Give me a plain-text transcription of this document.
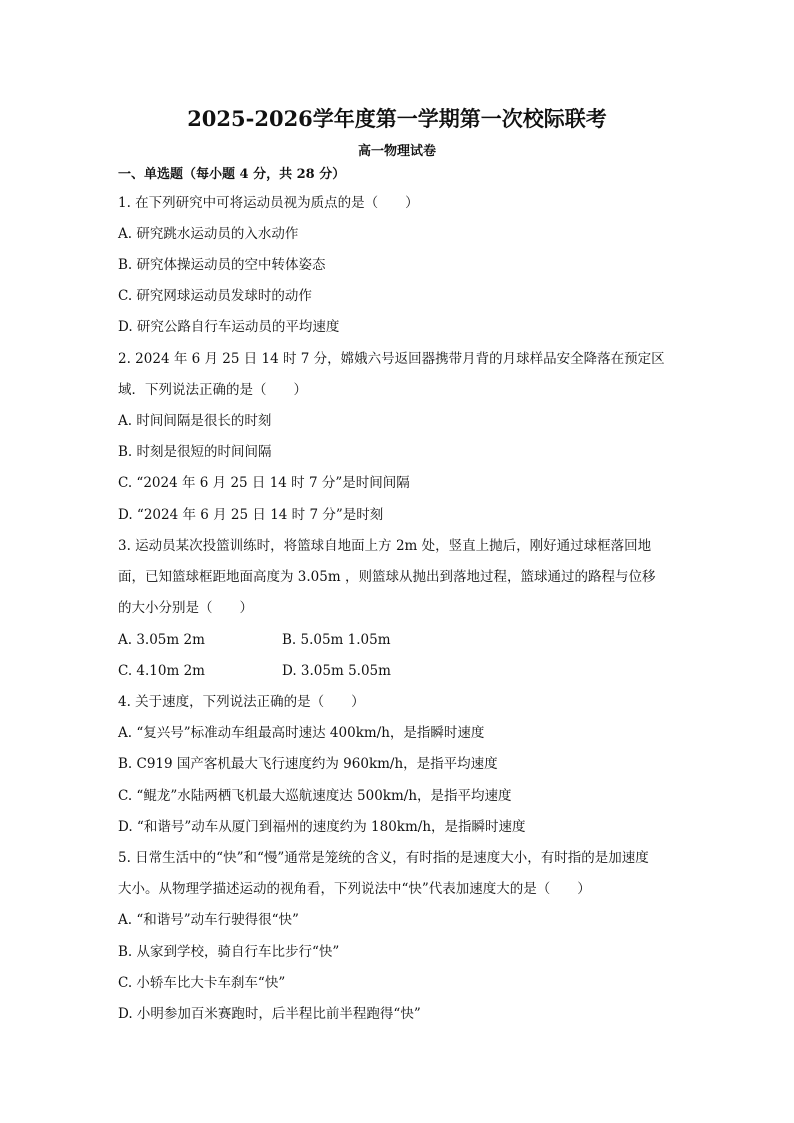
2025-2026学年度第一学期第一次校际联考
高一物理试卷
一、单选题（每小题 4 分，共 28 分）
1. 在下列研究中可将运动员视为质点的是（　　）
A. 研究跳水运动员的入水动作
B. 研究体操运动员的空中转体姿态
C. 研究网球运动员发球时的动作
D. 研究公路自行车运动员的平均速度
2. 2024 年 6 月 25 日 14 时 7 分，嫦娥六号返回器携带月背的月球样品安全降落在预定区
域．下列说法正确的是（　　）
A. 时间间隔是很长的时刻
B. 时刻是很短的时间间隔
C. “2024 年 6 月 25 日 14 时 7 分”是时间间隔
D. “2024 年 6 月 25 日 14 时 7 分”是时刻
3. 运动员某次投篮训练时，将篮球自地面上方 2m 处，竖直上抛后，刚好通过球框落回地
面，已知篮球框距地面高度为 3.05m ，则篮球从抛出到落地过程，篮球通过的路程与位移
的大小分别是（　　）
A. 3.05m 2m	B. 5.05m 1.05m
C. 4.10m 2m	D. 3.05m 5.05m
4. 关于速度，下列说法正确的是（　　）
A. “复兴号”标准动车组最高时速达 400km/h，是指瞬时速度
B. C919 国产客机最大飞行速度约为 960km/h，是指平均速度
C. “鲲龙”水陆两栖飞机最大巡航速度达 500km/h，是指平均速度
D. “和谐号”动车从厦门到福州的速度约为 180km/h，是指瞬时速度
5. 日常生活中的“快”和“慢”通常是笼统的含义，有时指的是速度大小，有时指的是加速度
大小。从物理学描述运动的视角看，下列说法中“快”代表加速度大的是（　　）
A. “和谐号”动车行驶得很“快”
B. 从家到学校，骑自行车比步行“快”
C. 小轿车比大卡车刹车“快”
D. 小明参加百米赛跑时，后半程比前半程跑得“快”
